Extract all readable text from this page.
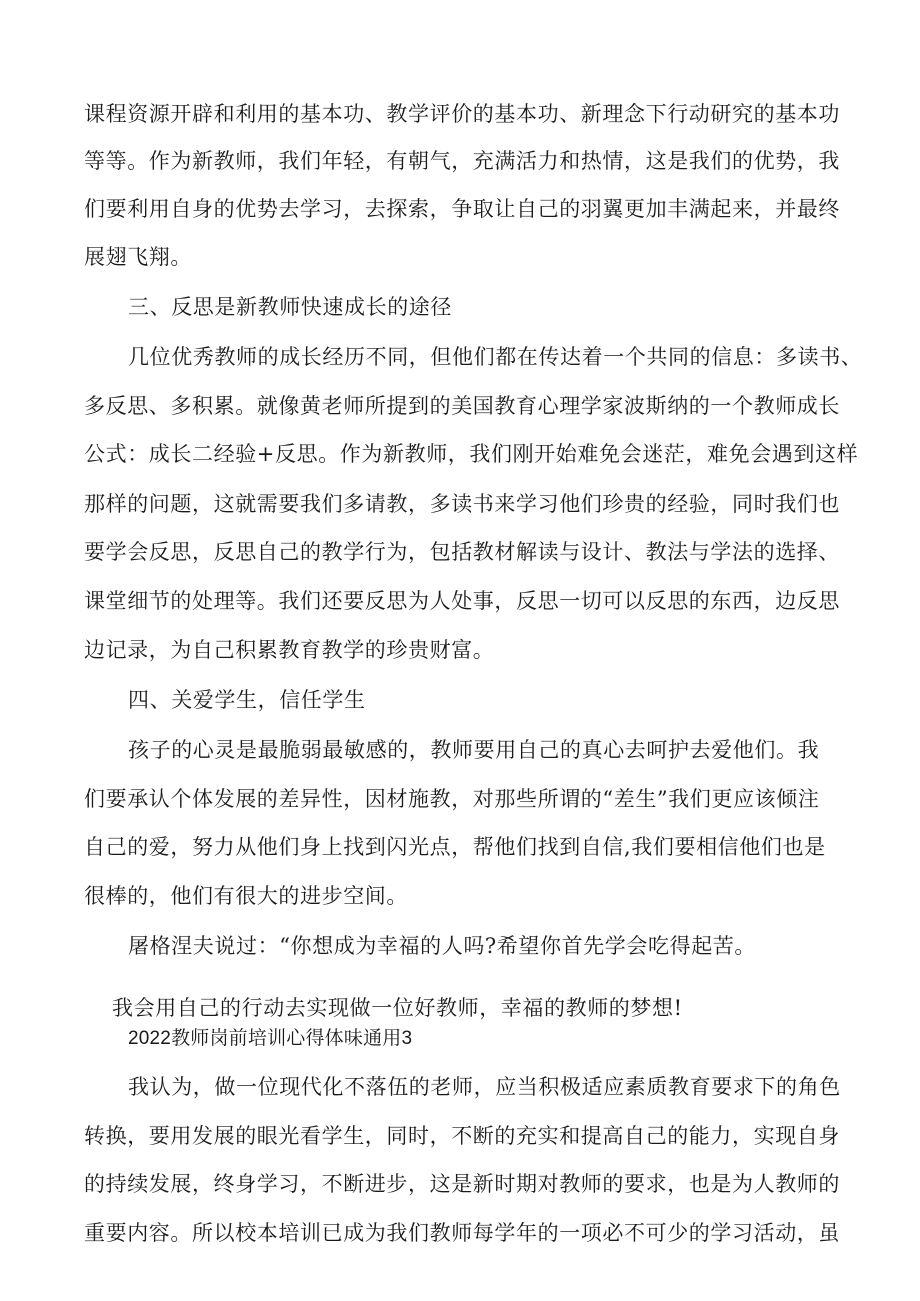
课程资源开辟和利用的基本功、教学评价的基本功、新理念下行动研究的基本功
等等。作为新教师，我们年轻，有朝气，充满活力和热情，这是我们的优势，我
们要利用自身的优势去学习，去探索，争取让自己的羽翼更加丰满起来，并最终
展翅飞翔。
三、反思是新教师快速成长的途径
几位优秀教师的成长经历不同，但他们都在传达着一个共同的信息：多读书、
多反思、多积累。就像黄老师所提到的美国教育心理学家波斯纳的一个教师成长
公式：成长二经验+反思。作为新教师，我们刚开始难免会迷茫，难免会遇到这样
那样的问题，这就需要我们多请教，多读书来学习他们珍贵的经验，同时我们也
要学会反思，反思自己的教学行为，包括教材解读与设计、教法与学法的选择、
课堂细节的处理等。我们还要反思为人处事，反思一切可以反思的东西，边反思
边记录，为自己积累教育教学的珍贵财富。
四、关爱学生，信任学生
孩子的心灵是最脆弱最敏感的，教师要用自己的真心去呵护去爱他们。我
们要承认个体发展的差异性，因材施教，对那些所谓的“差生”我们更应该倾注
自己的爱，努力从他们身上找到闪光点，帮他们找到自信,我们要相信他们也是
很棒的，他们有很大的进步空间。
屠格涅夫说过：“你想成为幸福的人吗?希望你首先学会吃得起苦。
我会用自己的行动去实现做一位好教师，幸福的教师的梦想!
2022教师岗前培训心得体味通用3
我认为，做一位现代化不落伍的老师，应当积极适应素质教育要求下的角色
转换，要用发展的眼光看学生，同时，不断的充实和提高自己的能力，实现自身
的持续发展，终身学习，不断进步，这是新时期对教师的要求，也是为人教师的
重要内容。所以校本培训已成为我们教师每学年的一项必不可少的学习活动，虽
